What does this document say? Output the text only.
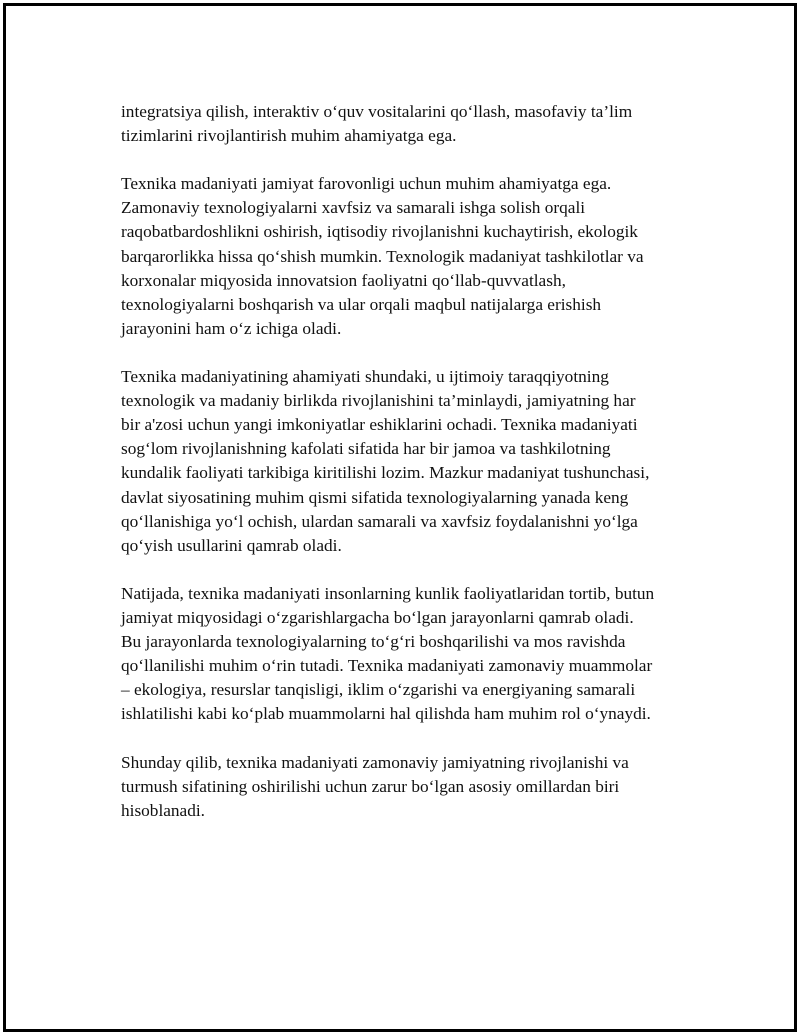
integratsiya qilish, interaktiv o‘quv vositalarini qo‘llash, masofaviy ta’lim
tizimlarini rivojlantirish muhim ahamiyatga ega.

Texnika madaniyati jamiyat farovonligi uchun muhim ahamiyatga ega.
Zamonaviy texnologiyalarni xavfsiz va samarali ishga solish orqali
raqobatbardoshlikni oshirish, iqtisodiy rivojlanishni kuchaytirish, ekologik
barqarorlikka hissa qo‘shish mumkin. Texnologik madaniyat tashkilotlar va
korxonalar miqyosida innovatsion faoliyatni qo‘llab-quvvatlash,
texnologiyalarni boshqarish va ular orqali maqbul natijalarga erishish
jarayonini ham o‘z ichiga oladi.

Texnika madaniyatining ahamiyati shundaki, u ijtimoiy taraqqiyotning
texnologik va madaniy birlikda rivojlanishini ta’minlaydi, jamiyatning har
bir a'zosi uchun yangi imkoniyatlar eshiklarini ochadi. Texnika madaniyati
sog‘lom rivojlanishning kafolati sifatida har bir jamoa va tashkilotning
kundalik faoliyati tarkibiga kiritilishi lozim. Mazkur madaniyat tushunchasi,
davlat siyosatining muhim qismi sifatida texnologiyalarning yanada keng
qo‘llanishiga yo‘l ochish, ulardan samarali va xavfsiz foydalanishni yo‘lga
qo‘yish usullarini qamrab oladi.

Natijada, texnika madaniyati insonlarning kunlik faoliyatlaridan tortib, butun
jamiyat miqyosidagi o‘zgarishlargacha bo‘lgan jarayonlarni qamrab oladi.
Bu jarayonlarda texnologiyalarning to‘g‘ri boshqarilishi va mos ravishda
qo‘llanilishi muhim o‘rin tutadi. Texnika madaniyati zamonaviy muammolar
– ekologiya, resurslar tanqisligi, iklim o‘zgarishi va energiyaning samarali
ishlatilishi kabi ko‘plab muammolarni hal qilishda ham muhim rol o‘ynaydi.

Shunday qilib, texnika madaniyati zamonaviy jamiyatning rivojlanishi va
turmush sifatining oshirilishi uchun zarur bo‘lgan asosiy omillardan biri
hisoblanadi.
